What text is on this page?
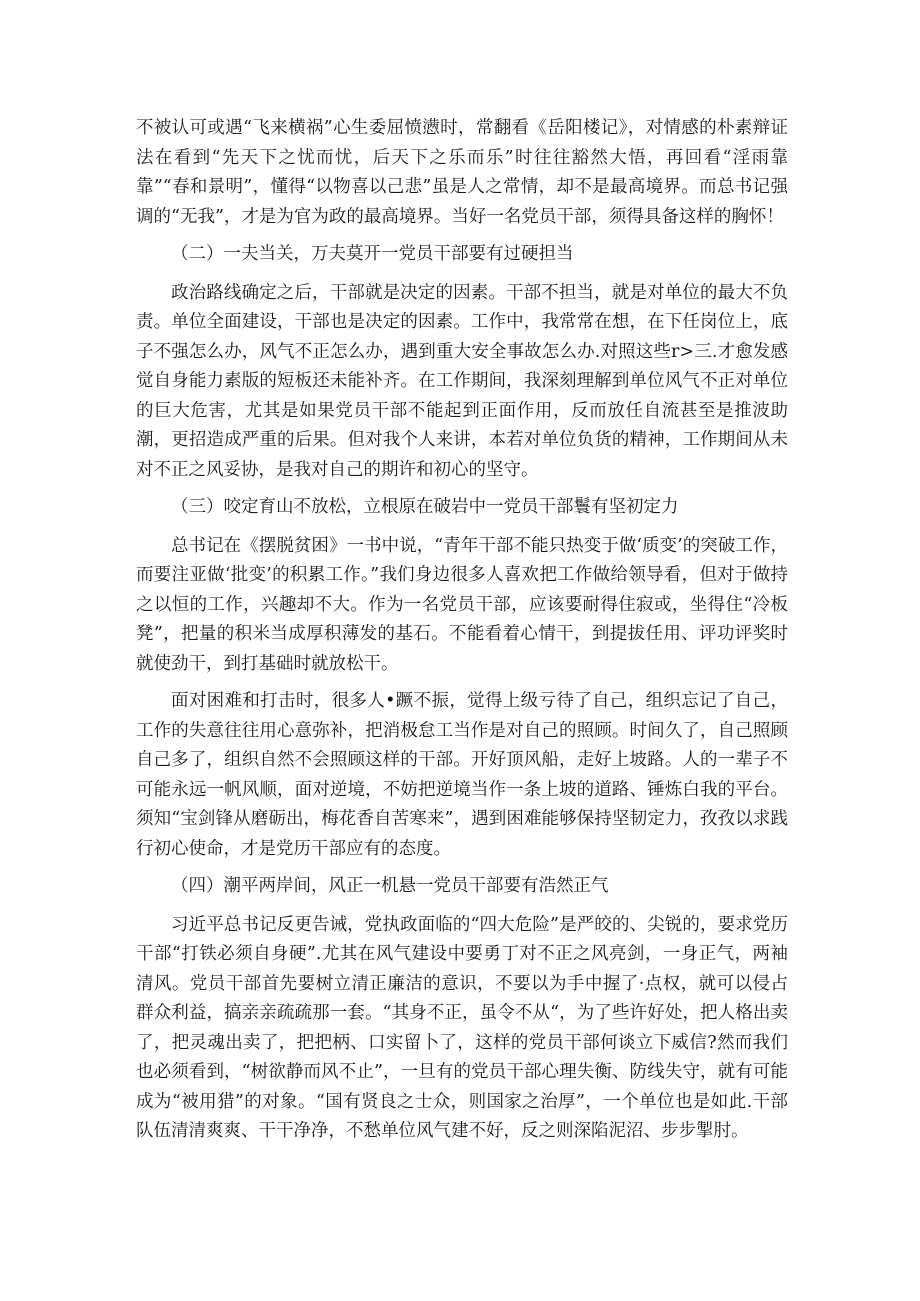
不被认可或遇“飞来横祸”心生委屈愤懑时，常翻看《岳阳楼记》，对情感的朴素辩证法在看到“先天下之忧而忧，后天下之乐而乐”时往往豁然大悟，再回看“淫雨靠靠”“春和景明”，懂得“以物喜以己悲”虽是人之常情，却不是最高境界。而总书记强调的“无我”，才是为官为政的最高境界。当好一名党员干部，须得具备这样的胸怀！

（二）一夫当关，万夫莫开一党员干部要有过硬担当

政治路线确定之后，干部就是决定的因素。干部不担当，就是对单位的最大不负责。单位全面建设，干部也是决定的因素。工作中，我常常在想，在下任岗位上，底子不强怎么办，风气不正怎么办，遇到重大安全事故怎么办.对照这些r>三.才愈发感觉自身能力素版的短板还未能补齐。在工作期间，我深刻理解到单位风气不正对单位的巨大危害，尤其是如果党员干部不能起到正面作用，反而放任自流甚至是推波助潮，更招造成严重的后果。但对我个人来讲，本若对单位负货的精神，工作期间从未对不正之风妥协，是我对自己的期许和初心的坚守。

（三）咬定育山不放松，立根原在破岩中一党员干部鬟有坚初定力

总书记在《摆脱贫困》一书中说，“青年干部不能只热变于做‘质变’的突破工作，而要注亚做‘批变’的积累工作。”我们身边很多人喜欢把工作做给领导看，但对于做持之以恒的工作，兴趣却不大。作为一名党员干部，应该要耐得住寂或，坐得住“冷板凳”，把量的积米当成厚积薄发的基石。不能看着心情干，到提拔任用、评功评奖时就使劲干，到打基础时就放松干。

面对困难和打击时，很多人•蹶不振，觉得上级亏待了自己，组织忘记了自己，工作的失意往往用心意弥补，把消极怠工当作是对自己的照顾。时间久了，自己照顾自己多了，组织自然不会照顾这样的干部。开好顶风船，走好上坡路。人的一辈子不可能永远一帆风顺，面对逆境，不妨把逆境当作一条上坡的道路、锤炼白我的平台。须知“宝剑锋从磨砺出，梅花香自苦寒来”，遇到困难能够保持坚韧定力，孜孜以求践行初心使命，才是党历干部应有的态度。

（四）潮平两岸间，风正一机悬一党员干部要有浩然正气

习近平总书记反更告诫，党执政面临的“四大危险”是严皎的、尖锐的，要求党历干部“打铁必须自身硬”.尤其在风气建设中要勇丁对不正之风亮剑，一身正气，两袖清风。党员干部首先要树立清正廉洁的意识，不要以为手中握了·点权，就可以侵占群众利益，搞亲亲疏疏那一套。“其身不正，虽令不从“，为了些许好处，把人格出卖了，把灵魂出卖了，把把柄、口实留卜了，这样的党员干部何谈立下威信?然而我们也必须看到，“树欲静而风不止”，一旦有的党员干部心理失衡、防线失守，就有可能成为“被用猎”的对象。“国有贤良之士众，则国家之治厚”，一个单位也是如此.干部队伍清清爽爽、干干净净，不愁单位风气建不好，反之则深陷泥沼、步步掣肘。
